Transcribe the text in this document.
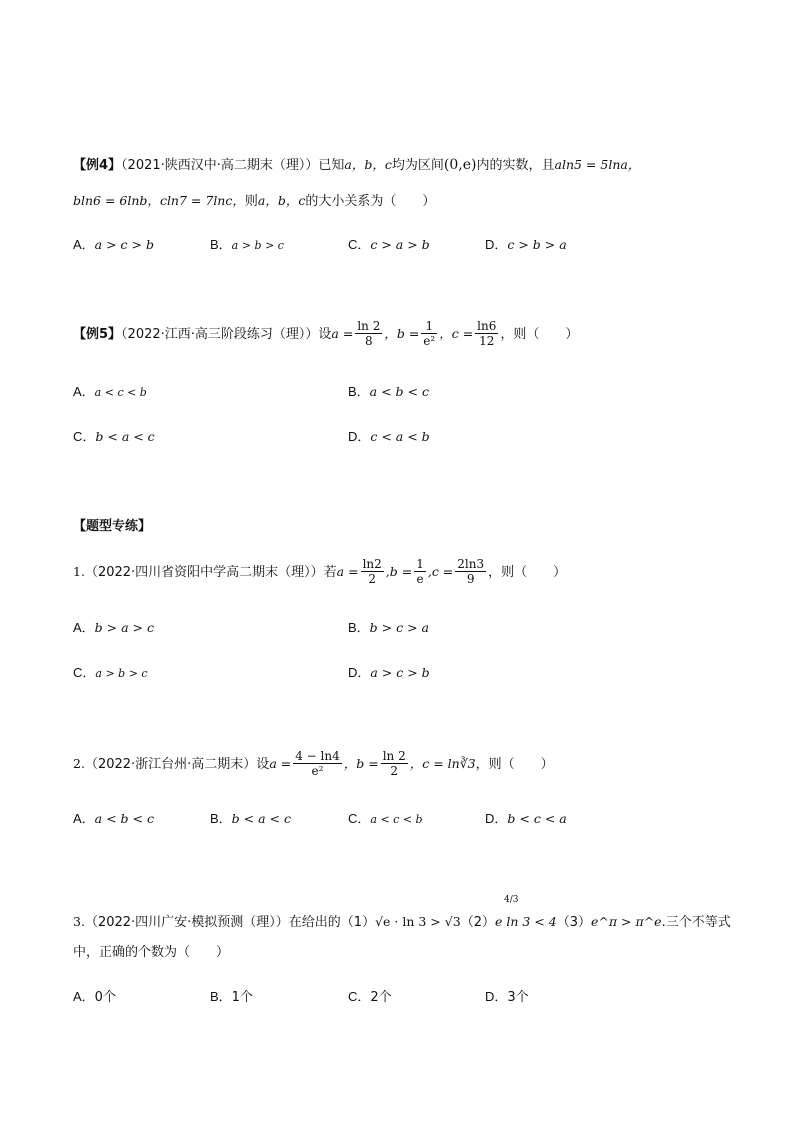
【例4】（2021·陕西汉中·高二期末（理））已知a，b，c均为区间(0,e)内的实数，且aln5 = 5lna，
bln6 = 6lnb，cln7 = 7lnc，则a，b，c的大小关系为（　　）
A．a > c > b	B．a > b > c	C．c > a > b	D．c > b > a
【例5】（2022·江西·高三阶段练习（理））设$a = \frac{\ln 2}{8}$ ，$b = \frac{1}{\text{e²}}$ ，$c = \frac{\ln 6}{12}$ ，则（　　）
A．a < c < b	B．a < b < c
C．b < a < c	D．c < a < b
【题型专练】
1.（2022·四川省资阳中学高二期末（理））若$a = \frac{\ln 2}{2} ,b = \frac{1}{e} ,c = \frac{2\ln 3}{9}$ ，则（　　）
A．b > a > c	B．b > c > a
C．a > b > c	D．a > c > b
2.（2022·浙江台州·高二期末）设$a = \frac{4 - \ln 4}{\text{e²}}$ ，$b = \frac{\ln 2}{2}$ ，c = ln∛3，则（　　）
A．a < b < c	B．b < a < c	C．a < c < b	D．b < c < a
3.（2022·四川广安·模拟预测（理））在给出的（1）√e · ln 3 > √3（2）
4/3
e ln 3 < 4（3）e^π > π^e.三个不等式
中，正确的个数为（　　）
A．0个	B．1个	C．2个	D．3个
